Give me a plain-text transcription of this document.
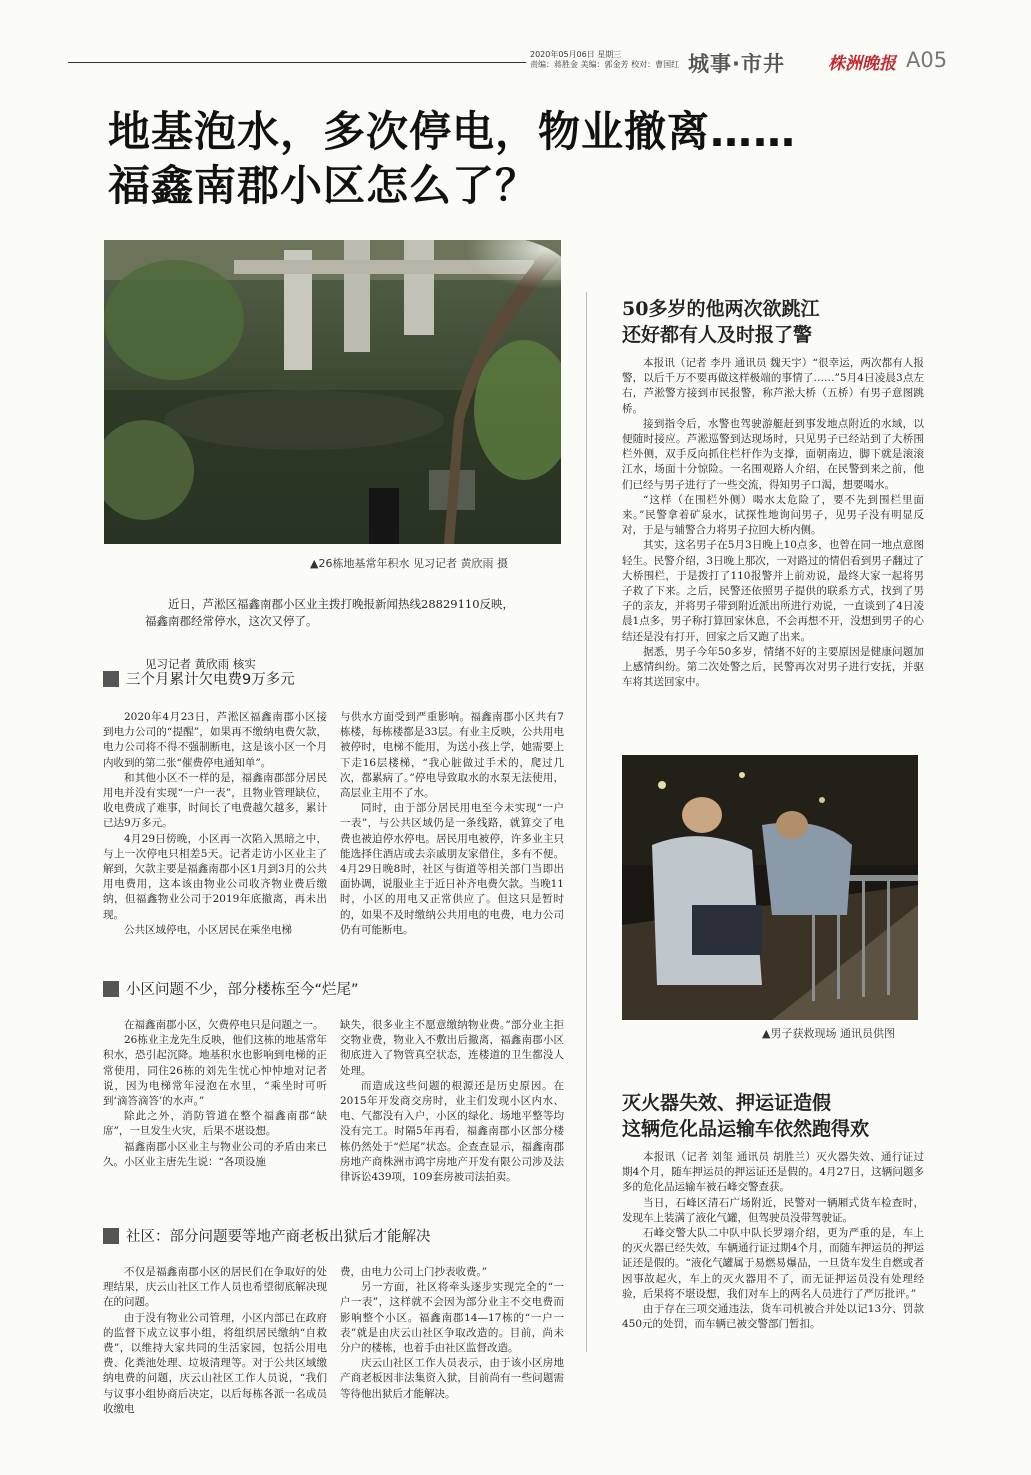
2020年05月06日 星期三
责编：蒋胜金 美编：郭金芳 校对：曹国红 城事·市井	株洲晚报 A05
地基泡水，多次停电，物业撤离……
福鑫南郡小区怎么了？
▲26栋地基常年积水 见习记者 黄欣雨 摄

近日，芦淞区福鑫南郡小区业主拨打晚报新闻热线28829110反映，

福鑫南郡经常停水，这次又停了。

见习记者 黄欣雨 核实
三个月累计欠电费9万多元

2020年4月23日，芦淞区福鑫南郡小区接到电力公司的“提醒”，如果再不缴纳电费欠款，电力公司将不得不强制断电，这是该小区一个月内收到的第二张“催费停电通知单”。

和其他小区不一样的是，福鑫南郡部分居民用电并没有实现“一户一表”，且物业管理缺位，收电费成了难事，时间长了电费越欠越多，累计已达9万多元。

4月29日傍晚，小区再一次陷入黑暗之中，与上一次停电只相差5天。记者走访小区业主了解到，欠款主要是福鑫南郡小区1月到3月的公共用电费用，这本该由物业公司收齐物业费后缴纳，但福鑫物业公司于2019年底撤离，再未出现。

公共区域停电，小区居民在乘坐电梯

与供水方面受到严重影响。福鑫南郡小区共有7栋楼，每栋楼都是33层。有业主反映，公共用电被停时，电梯不能用，为送小孩上学，她需要上下走16层楼梯，“我心脏做过手术的，爬过几次，都累病了。”停电导致取水的水泵无法使用，高层业主用不了水。

同时，由于部分居民用电至今未实现“一户一表”，与公共区域仍是一条线路，就算交了电费也被迫停水停电。居民用电被停，许多业主只能选择住酒店或去亲戚朋友家借住，多有不便。4月29日晚8时，社区与街道等相关部门当即出面协调，说服业主于近日补齐电费欠款。当晚11时，小区的用电又正常供应了。但这只是暂时的，如果不及时缴纳公共用电的电费，电力公司仍有可能断电。

小区问题不少，部分楼栋至今“烂尾”

在福鑫南郡小区，欠费停电只是问题之一。

26栋业主龙先生反映，他们这栋的地基常年积水，恐引起沉降。地基积水也影响到电梯的正常使用，同住26栋的刘先生忧心忡忡地对记者说，因为电梯常年浸泡在水里，“乘坐时可听到‘滴答滴答’的水声。”

除此之外，消防管道在整个福鑫南郡“缺席”，一旦发生火灾，后果不堪设想。

福鑫南郡小区业主与物业公司的矛盾由来已久。小区业主唐先生说：“各项设施

缺失，很多业主不愿意缴纳物业费。”部分业主拒交物业费，物业入不敷出后撤离，福鑫南郡小区彻底进入了物管真空状态，连楼道的卫生都没人处理。

而造成这些问题的根源还是历史原因。在2015年开发商交房时，业主们发现小区内水、电、气都没有入户，小区的绿化、场地平整等均没有完工。时隔5年再看，福鑫南郡小区部分楼栋仍然处于“烂尾”状态。企查查显示，福鑫南郡房地产商株洲市鸿宇房地产开发有限公司涉及法律诉讼439项，109套房被司法拍卖。

社区：部分问题要等地产商老板出狱后才能解决

不仅是福鑫南郡小区的居民们在争取好的处理结果，庆云山社区工作人员也希望彻底解决现在的问题。

由于没有物业公司管理，小区内部已在政府的监督下成立议事小组，将组织居民缴纳“自救费”，以维持大家共同的生活家园，包括公用电费、化粪池处理、垃圾清理等。对于公共区域缴纳电费的问题，庆云山社区工作人员说，“我们与议事小组协商后决定，以后每栋各派一名成员收缴电

费，由电力公司上门抄表收费。”

另一方面，社区将牵头逐步实现完全的“一户一表”，这样就不会因为部分业主不交电费而影响整个小区。福鑫南郡14—17栋的“一户一表”就是由庆云山社区争取改造的。目前，尚未分户的楼栋，也着手由社区监督改造。

庆云山社区工作人员表示，由于该小区房地产商老板因非法集资入狱，目前尚有一些问题需等待他出狱后才能解决。

50多岁的他两次欲跳江
还好都有人及时报了警

本报讯（记者 李丹 通讯员 魏天宇）“很幸运，两次都有人报警，以后千万不要再做这样极端的事情了……”5月4日凌晨3点左右，芦淞警方接到市民报警，称芦淞大桥（五桥）有男子意图跳桥。

接到指令后，水警也驾驶游艇赶到事发地点附近的水域，以便随时接应。芦淞巡警到达现场时，只见男子已经站到了大桥围栏外侧，双手反向抓住栏杆作为支撑，面朝南边，脚下就是滚滚江水，场面十分惊险。一名围观路人介绍，在民警到来之前，他们已经与男子进行了一些交流，得知男子口渴，想要喝水。

“这样（在围栏外侧）喝水太危险了，要不先到围栏里面来。”民警拿着矿泉水，试探性地询问男子，见男子没有明显反对，于是与辅警合力将男子拉回大桥内侧。

其实，这名男子在5月3日晚上10点多，也曾在同一地点意图轻生。民警介绍，3日晚上那次，一对路过的情侣看到男子翻过了大桥围栏，于是拨打了110报警并上前劝说，最终大家一起将男子救了下来。之后，民警还依照男子提供的联系方式，找到了男子的亲友，并将男子带到附近派出所进行劝说，一直谈到了4日凌晨1点多，男子称打算回家休息，不会再想不开，没想到男子的心结还是没有打开，回家之后又跑了出来。

据悉，男子今年50多岁，情绪不好的主要原因是健康问题加上感情纠纷。第二次处警之后，民警再次对男子进行安抚，并驱车将其送回家中。

▲男子获救现场 通讯员供图
灭火器失效、押运证造假
这辆危化品运输车依然跑得欢

本报讯（记者 刘玺 通讯员 胡胜兰）灭火器失效、通行证过期4个月，随车押运员的押运证还是假的。4月27日，这辆问题多多的危化品运输车被石峰交警查获。

当日，石峰区清石广场附近，民警对一辆厢式货车检查时，发现车上装满了液化气罐，但驾驶员没带驾驶证。

石峰交警大队二中队中队长罗翊介绍，更为严重的是，车上的灭火器已经失效，车辆通行证过期4个月，而随车押运员的押运证还是假的。“液化气罐属于易燃易爆品，一旦货车发生自燃或者因事故起火，车上的灭火器用不了，而无证押运员没有处理经验，后果将不堪设想，我们对车上的两名人员进行了严厉批评。”

由于存在三项交通违法，货车司机被合并处以记13分、罚款450元的处罚，而车辆已被交警部门暂扣。
